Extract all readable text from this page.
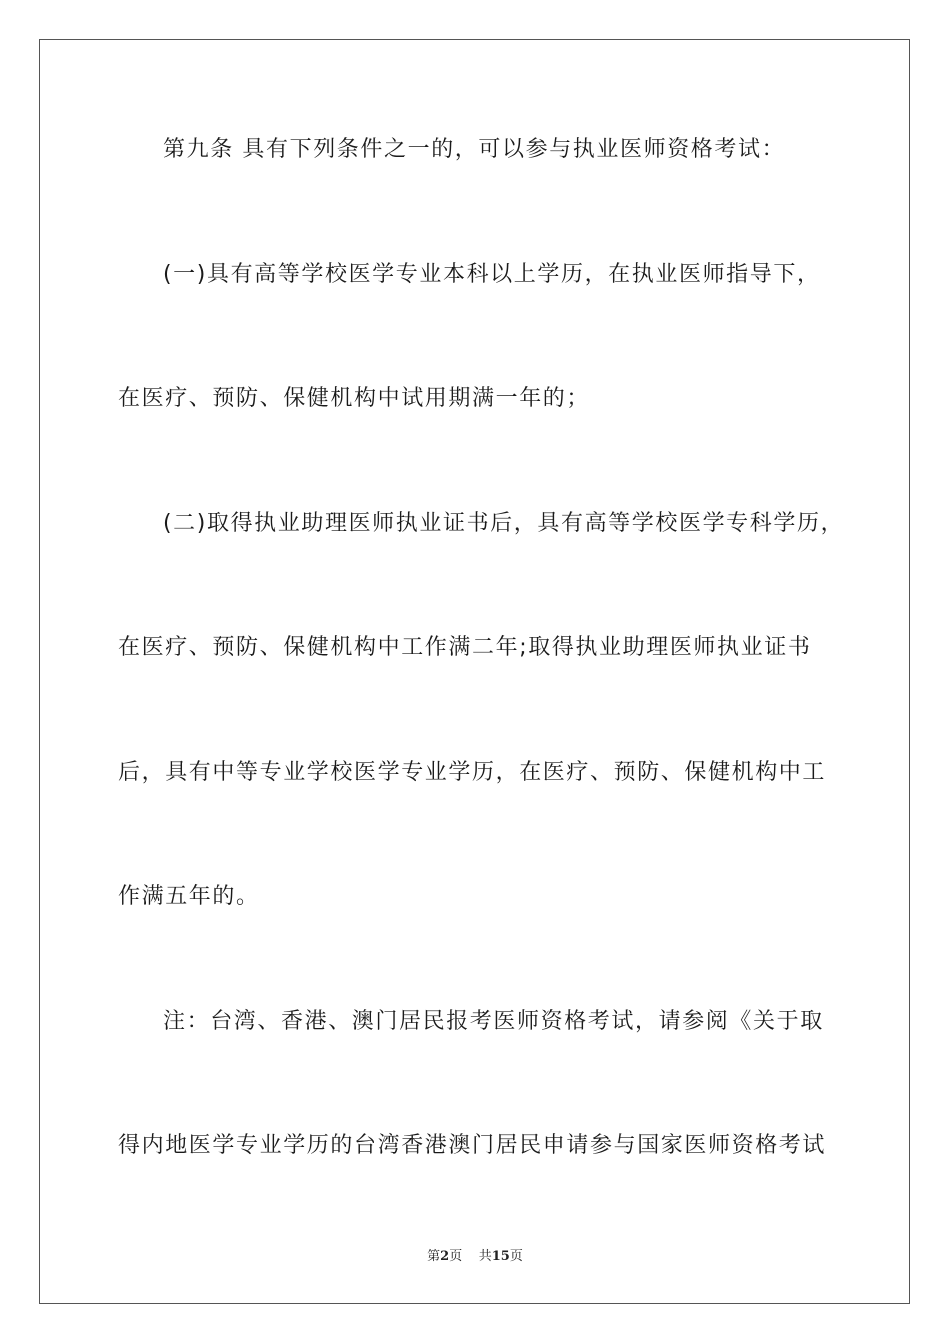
第九条 具有下列条件之一的，可以参与执业医师资格考试：
(一)具有高等学校医学专业本科以上学历，在执业医师指导下，
在医疗、预防、保健机构中试用期满一年的；
(二)取得执业助理医师执业证书后，具有高等学校医学专科学历，
在医疗、预防、保健机构中工作满二年;取得执业助理医师执业证书
后，具有中等专业学校医学专业学历，在医疗、预防、保健机构中工
作满五年的。
注：台湾、香港、澳门居民报考医师资格考试，请参阅《关于取
得内地医学专业学历的台湾香港澳门居民申请参与国家医师资格考试
第2页 共15页
